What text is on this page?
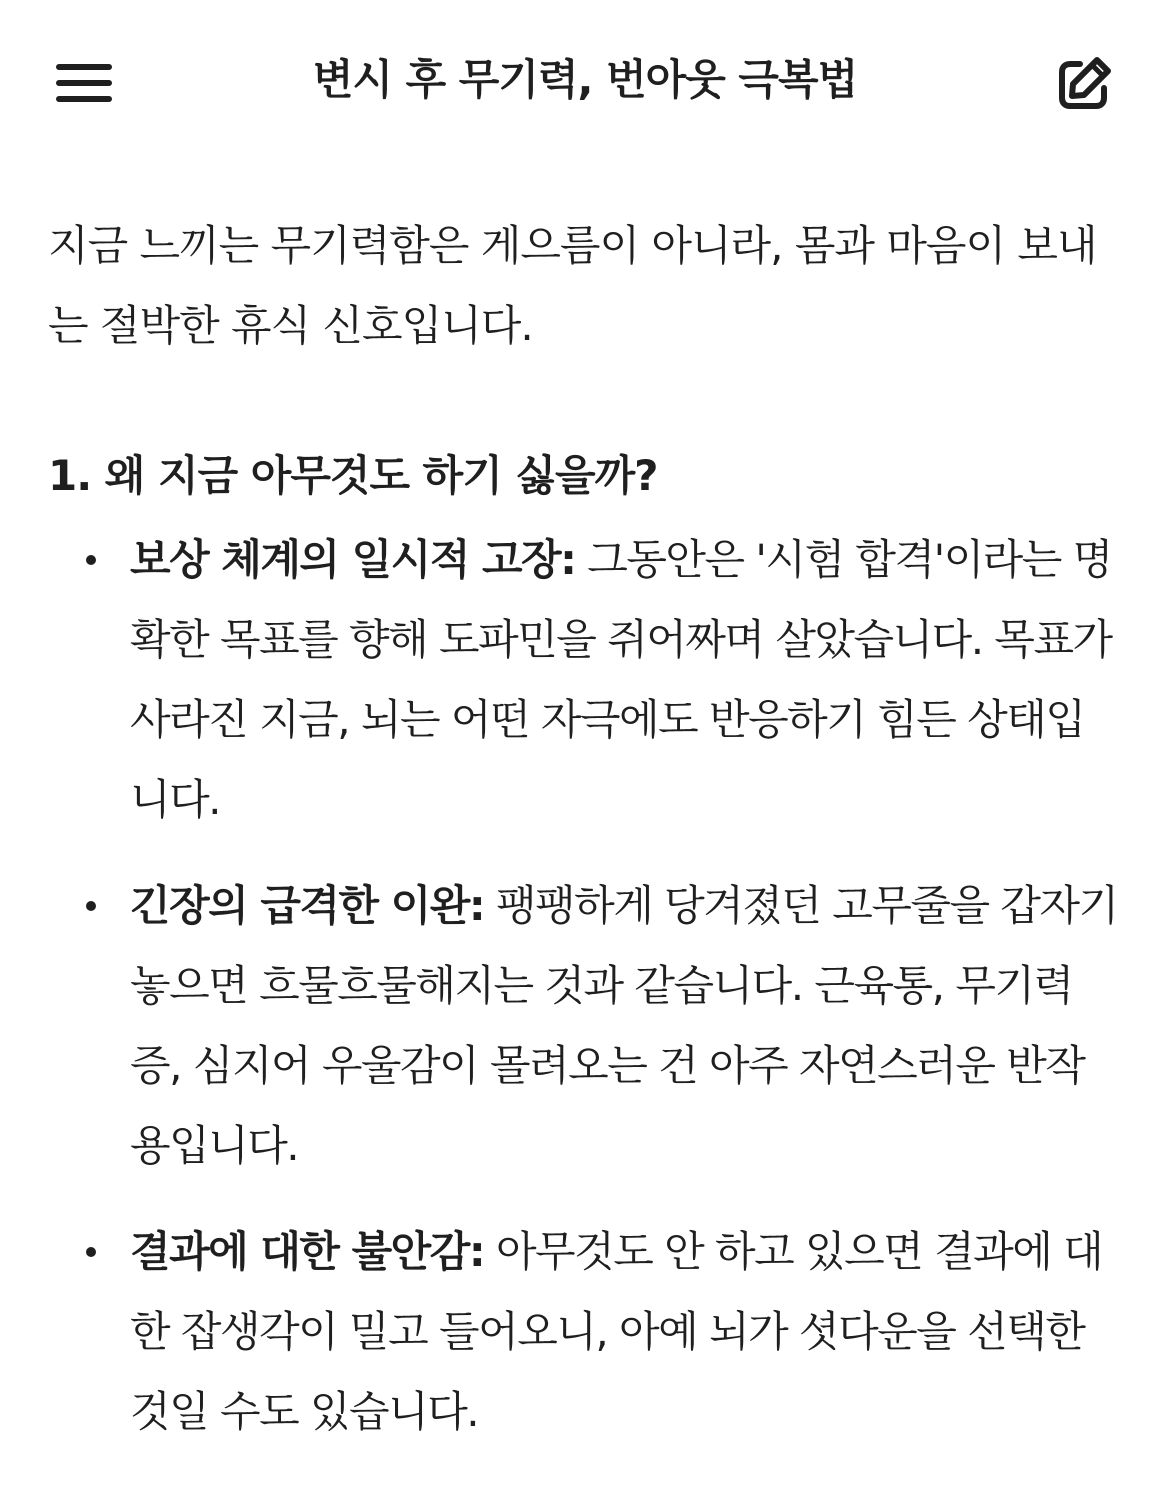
변시 후 무기력, 번아웃 극복법

지금 느끼는 무기력함은 게으름이 아니라, 몸과 마음이 보내는 절박한 휴식 신호입니다.

1. 왜 지금 아무것도 하기 싫을까?
보상 체계의 일시적 고장: 그동안은 '시험 합격'이라는 명확한 목표를 향해 도파민을 쥐어짜며 살았습니다. 목표가 사라진 지금, 뇌는 어떤 자극에도 반응하기 힘든 상태입니다.
긴장의 급격한 이완: 팽팽하게 당겨졌던 고무줄을 갑자기 놓으면 흐물흐물해지는 것과 같습니다. 근육통, 무기력증, 심지어 우울감이 몰려오는 건 아주 자연스러운 반작용입니다.
결과에 대한 불안감: 아무것도 안 하고 있으면 결과에 대한 잡생각이 밀고 들어오니, 아예 뇌가 셧다운을 선택한 것일 수도 있습니다.
